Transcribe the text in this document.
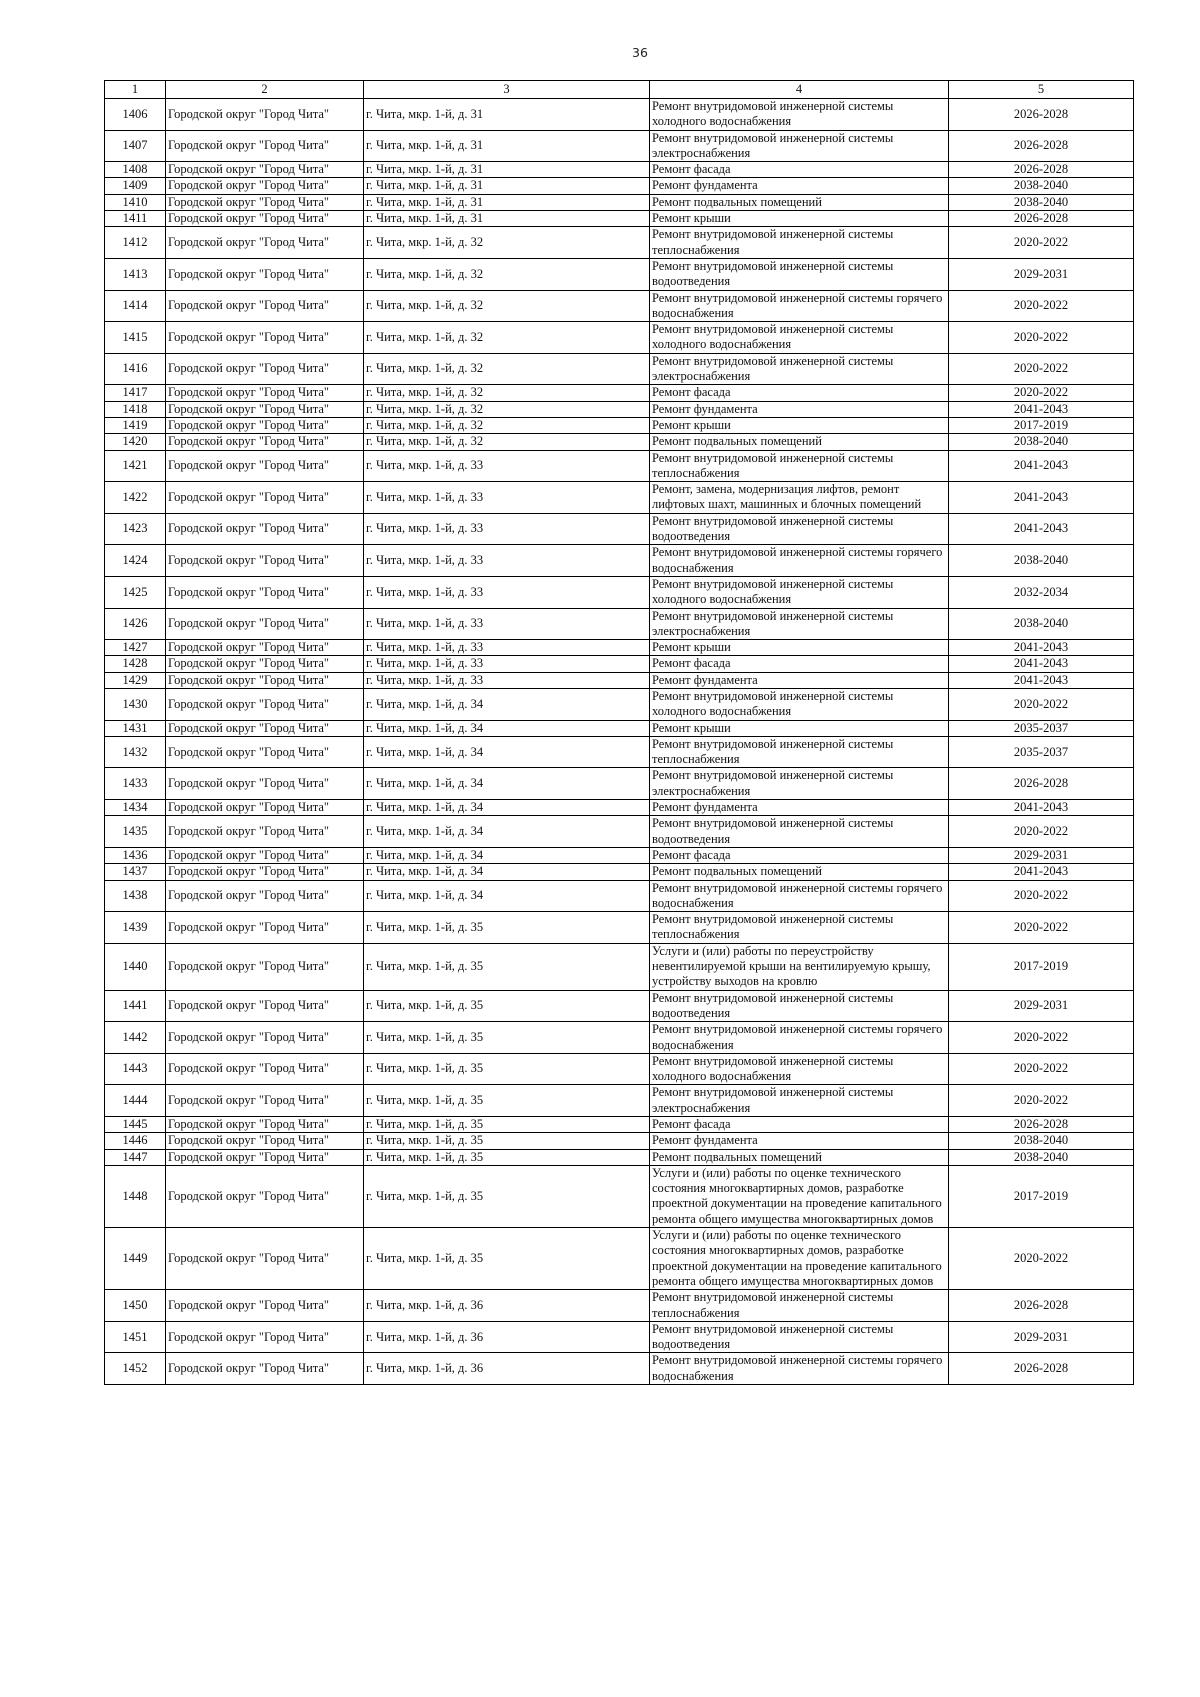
36
1	2	3	4	5
1406	Городской округ "Город Чита"	г. Чита, мкр. 1-й, д. 31	Ремонт внутридомовой инженерной системы холодного водоснабжения	2026-2028
1407	Городской округ "Город Чита"	г. Чита, мкр. 1-й, д. 31	Ремонт внутридомовой инженерной системы электроснабжения	2026-2028
1408	Городской округ "Город Чита"	г. Чита, мкр. 1-й, д. 31	Ремонт фасада	2026-2028
1409	Городской округ "Город Чита"	г. Чита, мкр. 1-й, д. 31	Ремонт фундамента	2038-2040
1410	Городской округ "Город Чита"	г. Чита, мкр. 1-й, д. 31	Ремонт подвальных помещений	2038-2040
1411	Городской округ "Город Чита"	г. Чита, мкр. 1-й, д. 31	Ремонт крыши	2026-2028
1412	Городской округ "Город Чита"	г. Чита, мкр. 1-й, д. 32	Ремонт внутридомовой инженерной системы теплоснабжения	2020-2022
1413	Городской округ "Город Чита"	г. Чита, мкр. 1-й, д. 32	Ремонт внутридомовой инженерной системы водоотведения	2029-2031
1414	Городской округ "Город Чита"	г. Чита, мкр. 1-й, д. 32	Ремонт внутридомовой инженерной системы горячего водоснабжения	2020-2022
1415	Городской округ "Город Чита"	г. Чита, мкр. 1-й, д. 32	Ремонт внутридомовой инженерной системы холодного водоснабжения	2020-2022
1416	Городской округ "Город Чита"	г. Чита, мкр. 1-й, д. 32	Ремонт внутридомовой инженерной системы электроснабжения	2020-2022
1417	Городской округ "Город Чита"	г. Чита, мкр. 1-й, д. 32	Ремонт фасада	2020-2022
1418	Городской округ "Город Чита"	г. Чита, мкр. 1-й, д. 32	Ремонт фундамента	2041-2043
1419	Городской округ "Город Чита"	г. Чита, мкр. 1-й, д. 32	Ремонт крыши	2017-2019
1420	Городской округ "Город Чита"	г. Чита, мкр. 1-й, д. 32	Ремонт подвальных помещений	2038-2040
1421	Городской округ "Город Чита"	г. Чита, мкр. 1-й, д. 33	Ремонт внутридомовой инженерной системы теплоснабжения	2041-2043
1422	Городской округ "Город Чита"	г. Чита, мкр. 1-й, д. 33	Ремонт, замена, модернизация лифтов, ремонт лифтовых шахт, машинных и блочных помещений	2041-2043
1423	Городской округ "Город Чита"	г. Чита, мкр. 1-й, д. 33	Ремонт внутридомовой инженерной системы водоотведения	2041-2043
1424	Городской округ "Город Чита"	г. Чита, мкр. 1-й, д. 33	Ремонт внутридомовой инженерной системы горячего водоснабжения	2038-2040
1425	Городской округ "Город Чита"	г. Чита, мкр. 1-й, д. 33	Ремонт внутридомовой инженерной системы холодного водоснабжения	2032-2034
1426	Городской округ "Город Чита"	г. Чита, мкр. 1-й, д. 33	Ремонт внутридомовой инженерной системы электроснабжения	2038-2040
1427	Городской округ "Город Чита"	г. Чита, мкр. 1-й, д. 33	Ремонт крыши	2041-2043
1428	Городской округ "Город Чита"	г. Чита, мкр. 1-й, д. 33	Ремонт фасада	2041-2043
1429	Городской округ "Город Чита"	г. Чита, мкр. 1-й, д. 33	Ремонт фундамента	2041-2043
1430	Городской округ "Город Чита"	г. Чита, мкр. 1-й, д. 34	Ремонт внутридомовой инженерной системы холодного водоснабжения	2020-2022
1431	Городской округ "Город Чита"	г. Чита, мкр. 1-й, д. 34	Ремонт крыши	2035-2037
1432	Городской округ "Город Чита"	г. Чита, мкр. 1-й, д. 34	Ремонт внутридомовой инженерной системы теплоснабжения	2035-2037
1433	Городской округ "Город Чита"	г. Чита, мкр. 1-й, д. 34	Ремонт внутридомовой инженерной системы электроснабжения	2026-2028
1434	Городской округ "Город Чита"	г. Чита, мкр. 1-й, д. 34	Ремонт фундамента	2041-2043
1435	Городской округ "Город Чита"	г. Чита, мкр. 1-й, д. 34	Ремонт внутридомовой инженерной системы водоотведения	2020-2022
1436	Городской округ "Город Чита"	г. Чита, мкр. 1-й, д. 34	Ремонт фасада	2029-2031
1437	Городской округ "Город Чита"	г. Чита, мкр. 1-й, д. 34	Ремонт подвальных помещений	2041-2043
1438	Городской округ "Город Чита"	г. Чита, мкр. 1-й, д. 34	Ремонт внутридомовой инженерной системы горячего водоснабжения	2020-2022
1439	Городской округ "Город Чита"	г. Чита, мкр. 1-й, д. 35	Ремонт внутридомовой инженерной системы теплоснабжения	2020-2022
1440	Городской округ "Город Чита"	г. Чита, мкр. 1-й, д. 35	Услуги и (или) работы по переустройству невентилируемой крыши на вентилируемую крышу, устройству выходов на кровлю	2017-2019
1441	Городской округ "Город Чита"	г. Чита, мкр. 1-й, д. 35	Ремонт внутридомовой инженерной системы водоотведения	2029-2031
1442	Городской округ "Город Чита"	г. Чита, мкр. 1-й, д. 35	Ремонт внутридомовой инженерной системы горячего водоснабжения	2020-2022
1443	Городской округ "Город Чита"	г. Чита, мкр. 1-й, д. 35	Ремонт внутридомовой инженерной системы холодного водоснабжения	2020-2022
1444	Городской округ "Город Чита"	г. Чита, мкр. 1-й, д. 35	Ремонт внутридомовой инженерной системы электроснабжения	2020-2022
1445	Городской округ "Город Чита"	г. Чита, мкр. 1-й, д. 35	Ремонт фасада	2026-2028
1446	Городской округ "Город Чита"	г. Чита, мкр. 1-й, д. 35	Ремонт фундамента	2038-2040
1447	Городской округ "Город Чита"	г. Чита, мкр. 1-й, д. 35	Ремонт подвальных помещений	2038-2040
1448	Городской округ "Город Чита"	г. Чита, мкр. 1-й, д. 35	Услуги и (или) работы по оценке технического состояния многоквартирных домов, разработке проектной документации на проведение капитального ремонта общего имущества многоквартирных домов	2017-2019
1449	Городской округ "Город Чита"	г. Чита, мкр. 1-й, д. 35	Услуги и (или) работы по оценке технического состояния многоквартирных домов, разработке проектной документации на проведение капитального ремонта общего имущества многоквартирных домов	2020-2022
1450	Городской округ "Город Чита"	г. Чита, мкр. 1-й, д. 36	Ремонт внутридомовой инженерной системы теплоснабжения	2026-2028
1451	Городской округ "Город Чита"	г. Чита, мкр. 1-й, д. 36	Ремонт внутридомовой инженерной системы водоотведения	2029-2031
1452	Городской округ "Город Чита"	г. Чита, мкр. 1-й, д. 36	Ремонт внутридомовой инженерной системы горячего водоснабжения	2026-2028
